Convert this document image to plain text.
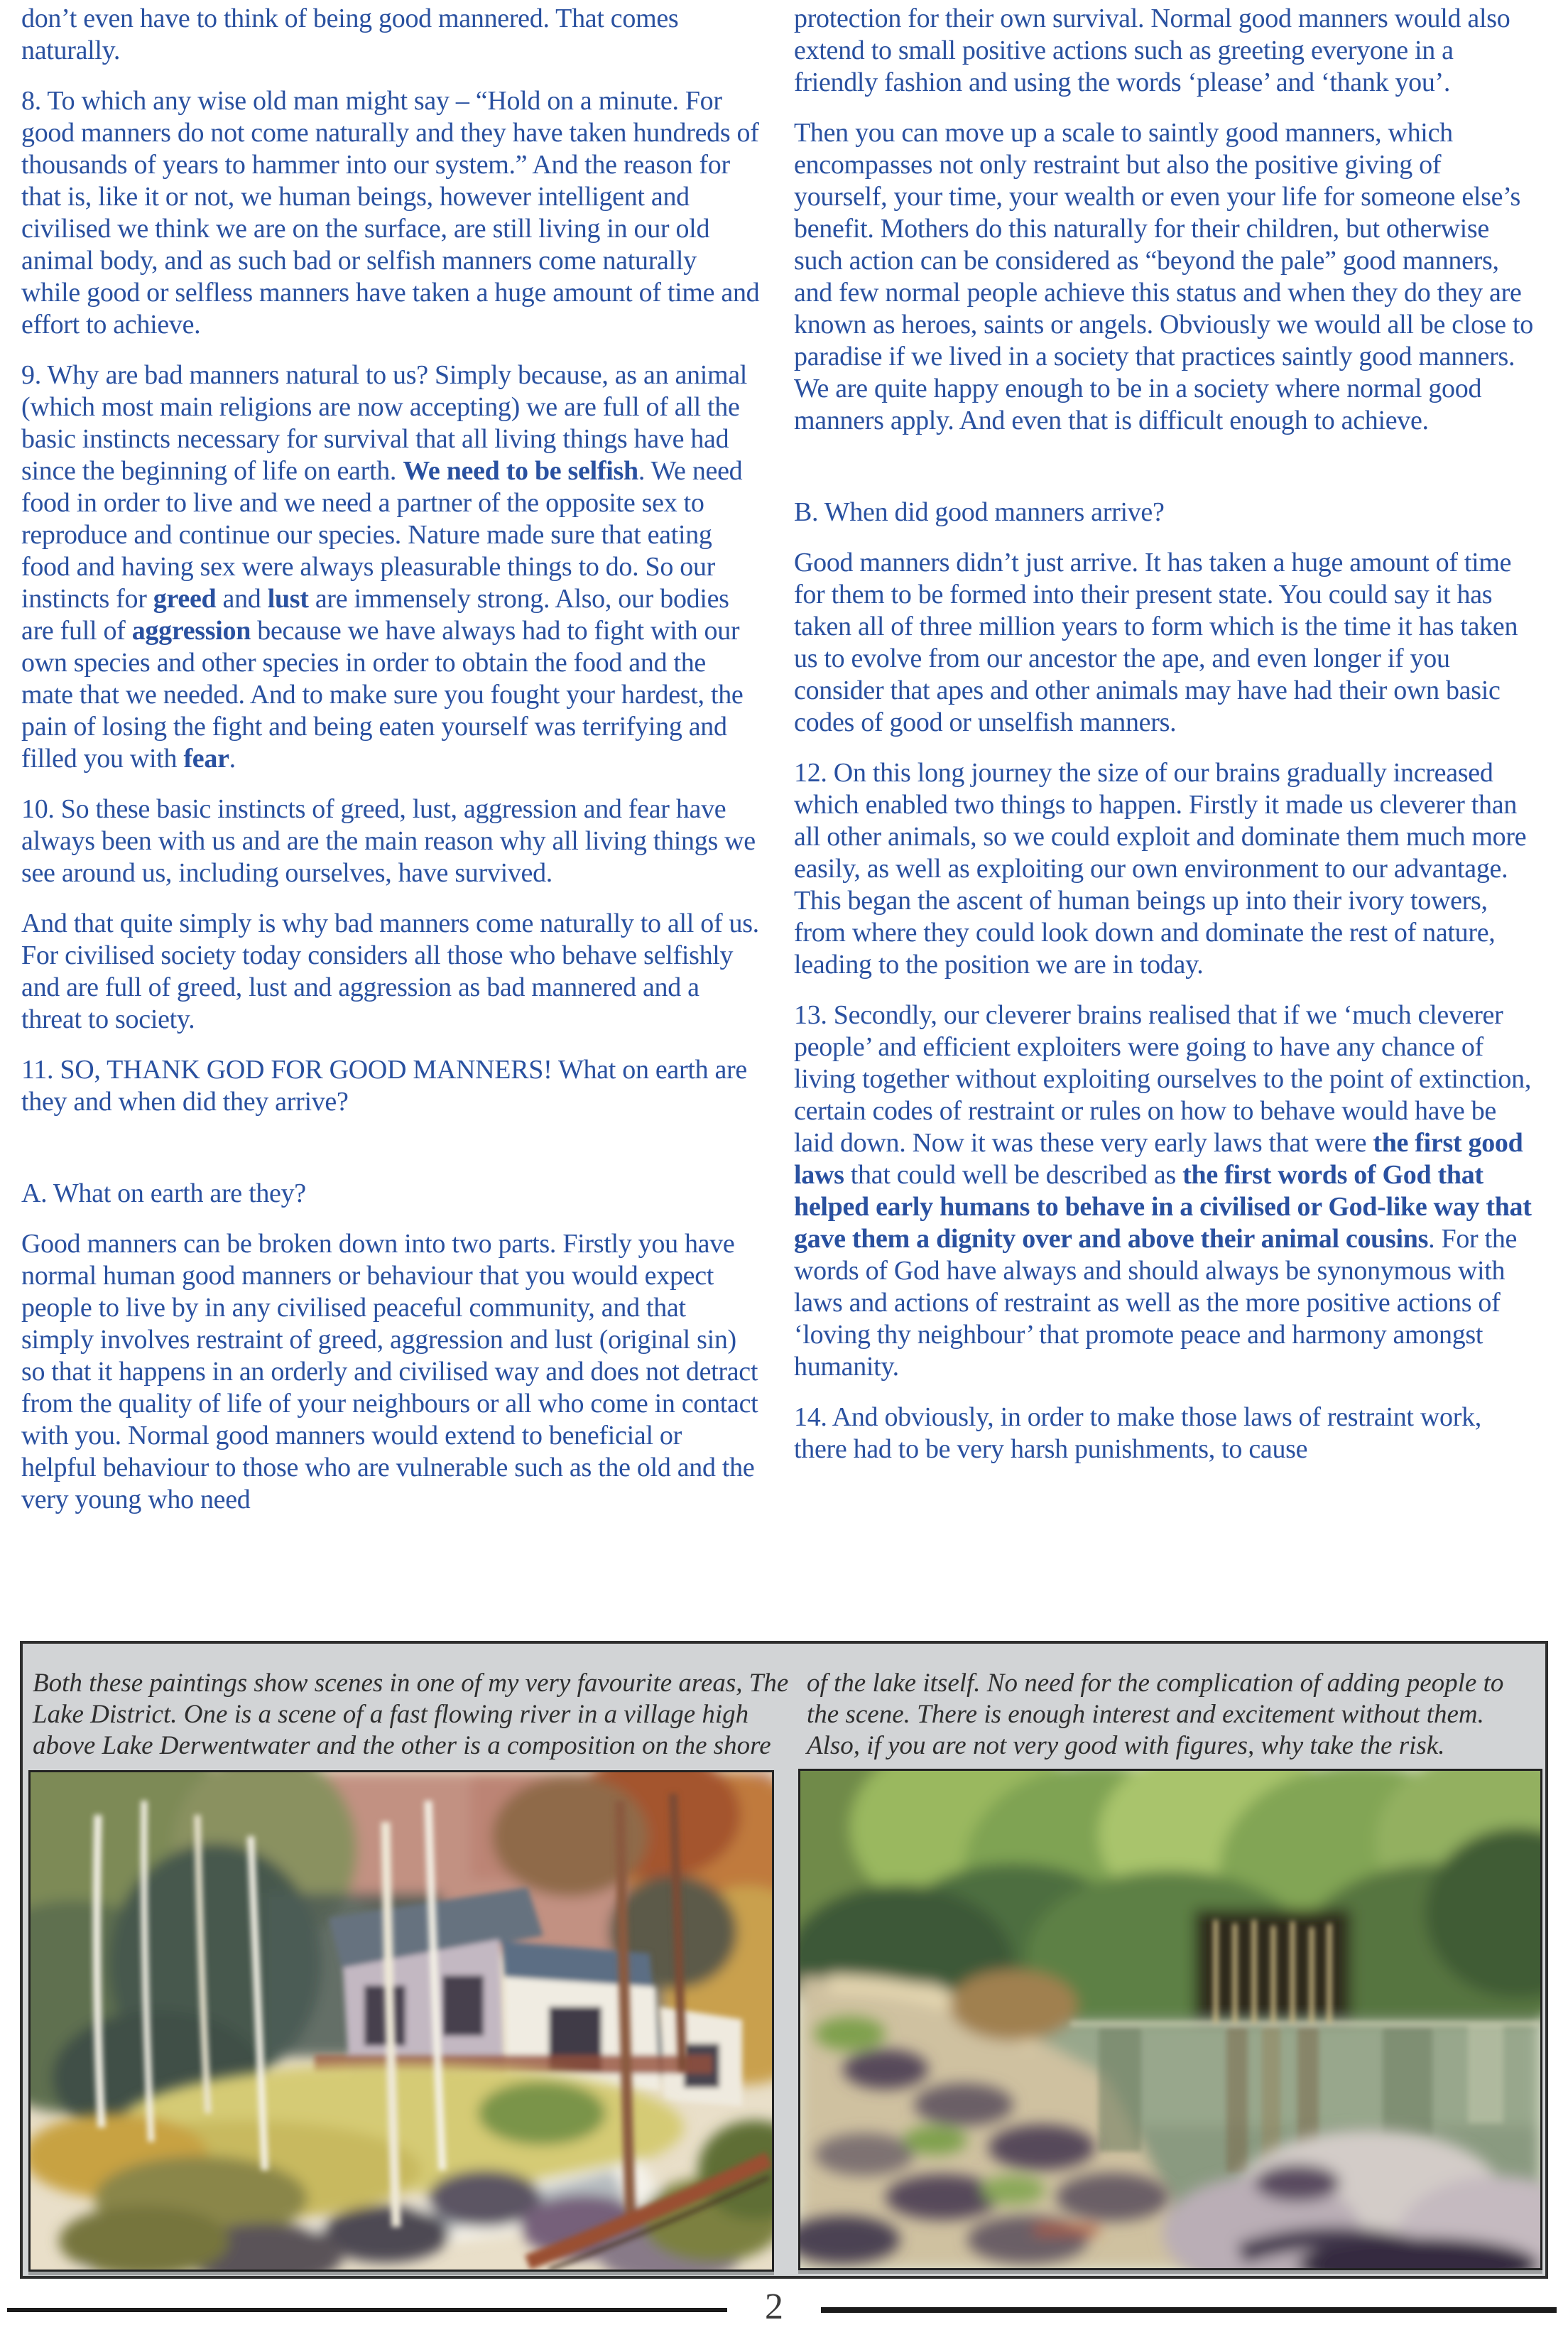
don’t even have to think of being good mannered. That comes naturally.

8. To which any wise old man might say – “Hold on a minute. For good manners do not come naturally and they have taken hundreds of thousands of years to hammer into our system.” And the reason for that is, like it or not, we human beings, however intelligent and civilised we think we are on the surface, are still living in our old animal body, and as such bad or selfish manners come naturally while good or selfless manners have taken a huge amount of time and effort to achieve.

9. Why are bad manners natural to us? Simply because, as an animal (which most main religions are now accepting) we are full of all the basic instincts necessary for survival that all living things have had since the beginning of life on earth. We need to be selfish. We need food in order to live and we need a partner of the opposite sex to reproduce and continue our species. Nature made sure that eating food and having sex were always pleasurable things to do. So our instincts for greed and lust are immensely strong. Also, our bodies are full of aggression because we have always had to fight with our own species and other species in order to obtain the food and the mate that we needed. And to make sure you fought your hardest, the pain of losing the fight and being eaten yourself was terrifying and filled you with fear.

10. So these basic instincts of greed, lust, aggression and fear have always been with us and are the main reason why all living things we see around us, including ourselves, have survived.

And that quite simply is why bad manners come naturally to all of us. For civilised society today considers all those who behave selfishly and are full of greed, lust and aggression as bad mannered and a threat to society.

11. SO, THANK GOD FOR GOOD MANNERS! What on earth are they and when did they arrive?

A. What on earth are they?

Good manners can be broken down into two parts. Firstly you have normal human good manners or behaviour that you would expect people to live by in any civilised peaceful community, and that simply involves restraint of greed, aggression and lust (original sin) so that it happens in an orderly and civilised way and does not detract from the quality of life of your neighbours or all who come in contact with you. Normal good manners would extend to beneficial or helpful behaviour to those who are vulnerable such as the old and the very young who need

protection for their own survival. Normal good manners would also extend to small positive actions such as greeting everyone in a friendly fashion and using the words ‘please’ and ‘thank you’.

Then you can move up a scale to saintly good manners, which encompasses not only restraint but also the positive giving of yourself, your time, your wealth or even your life for someone else’s benefit. Mothers do this naturally for their children, but otherwise such action can be considered as “beyond the pale” good manners, and few normal people achieve this status and when they do they are known as heroes, saints or angels. Obviously we would all be close to paradise if we lived in a society that practices saintly good manners. We are quite happy enough to be in a society where normal good manners apply. And even that is difficult enough to achieve.

B. When did good manners arrive?

Good manners didn’t just arrive. It has taken a huge amount of time for them to be formed into their present state. You could say it has taken all of three million years to form which is the time it has taken us to evolve from our ancestor the ape, and even longer if you consider that apes and other animals may have had their own basic codes of good or unselfish manners.

12. On this long journey the size of our brains gradually increased which enabled two things to happen. Firstly it made us cleverer than all other animals, so we could exploit and dominate them much more easily, as well as exploiting our own environment to our advantage. This began the ascent of human beings up into their ivory towers, from where they could look down and dominate the rest of nature, leading to the position we are in today.

13. Secondly, our cleverer brains realised that if we ‘much cleverer people’ and efficient exploiters were going to have any chance of living together without exploiting ourselves to the point of extinction, certain codes of restraint or rules on how to behave would have be laid down. Now it was these very early laws that were the first good laws that could well be described as the first words of God that helped early humans to behave in a civilised or God-like way that gave them a dignity over and above their animal cousins. For the words of God have always and should always be synonymous with laws and actions of restraint as well as the more positive actions of ‘loving thy neighbour’ that promote peace and harmony amongst humanity.

14. And obviously, in order to make those laws of restraint work, there had to be very harsh punishments, to cause

Both these paintings show scenes in one of my very favourite areas, The Lake District. One is a scene of a fast flowing river in a village high above Lake Derwentwater and the other is a composition on the shore
of the lake itself. No need for the complication of adding people to the scene. There is enough interest and excitement without them. Also, if you are not very good with figures, why take the risk.
2
